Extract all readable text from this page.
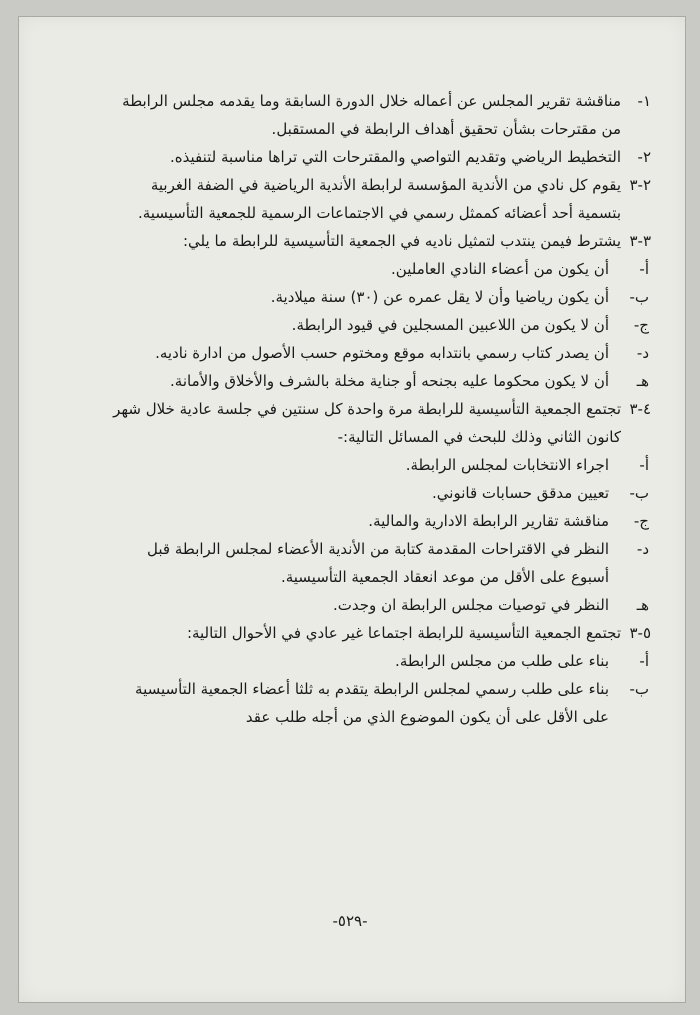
١-
مناقشة تقرير المجلس عن أعماله خلال الدورة السابقة وما يقدمه مجلس الرابطة من مقترحات بشأن تحقيق أهداف الرابطة في المستقبل.
٢-
التخطيط الرياضي وتقديم التواصي والمقترحات التي تراها مناسبة لتنفيذه.
٢-٣
يقوم كل نادي من الأندية المؤسسة لرابطة الأندية الرياضية في الضفة الغربية بتسمية أحد أعضائه كممثل رسمي في الاجتماعات الرسمية للجمعية التأسيسية.
٣-٣
يشترط فيمن ينتدب لتمثيل ناديه في الجمعية التأسيسية للرابطة ما يلي:
أ-
أن يكون من أعضاء النادي العاملين.
ب-
أن يكون رياضيا وأن لا يقل عمره عن (٣٠) سنة ميلادية.
ج-
أن لا يكون من اللاعبين المسجلين في قيود الرابطة.
د-
أن يصدر كتاب رسمي بانتدابه موقع ومختوم حسب الأصول من ادارة ناديه.
هـ
أن لا يكون محكوما عليه بجنحه أو جناية مخلة بالشرف والأخلاق والأمانة.
٤-٣
تجتمع الجمعية التأسيسية للرابطة مرة واحدة كل سنتين في جلسة عادية خلال شهر كانون الثاني وذلك للبحث في المسائل التالية:-
أ-
اجراء الانتخابات لمجلس الرابطة.
ب-
تعيين مدقق حسابات قانوني.
ج-
مناقشة تقارير الرابطة الادارية والمالية.
د-
النظر في الاقتراحات المقدمة كتابة من الأندية الأعضاء لمجلس الرابطة قبل أسبوع على الأقل من موعد انعقاد الجمعية التأسيسية.
هـ
النظر في توصيات مجلس الرابطة ان وجدت.
٥-٣
تجتمع الجمعية التأسيسية للرابطة اجتماعا غير عادي في الأحوال التالية:
أ-
بناء على طلب من مجلس الرابطة.
ب-
بناء على طلب رسمي لمجلس الرابطة يتقدم به ثلثا أعضاء الجمعية التأسيسية على الأقل على أن يكون الموضوع الذي من أجله طلب عقد
-٥٢٩-
